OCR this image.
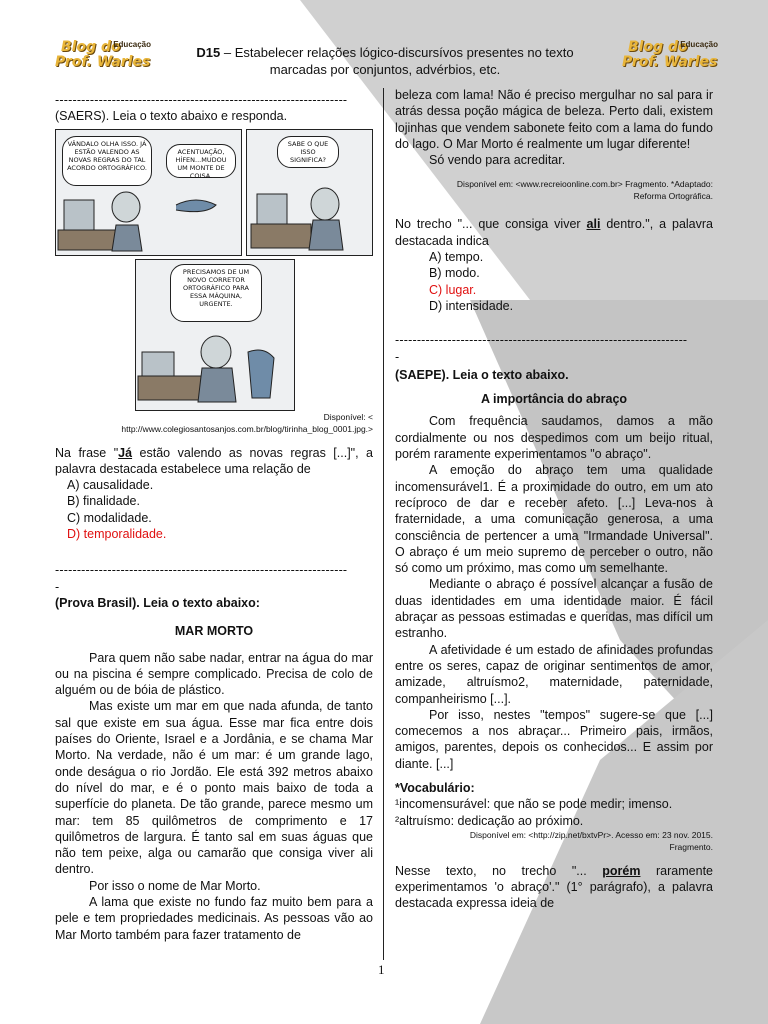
Educação
Blog do
Prof. Warles
Educação
Blog do
Prof. Warles
D15 – Estabelecer relações lógico-discursívos presentes no texto
marcadas por conjuntos, advérbios, etc.
-------------------------------------------------------------------

(SAERS). Leia o texto abaixo e responda.

VÂNDALO OLHA ISSO. JÁ ESTÃO VALENDO AS NOVAS REGRAS DO TAL ACORDO ORTOGRÁFICO.
ACENTUAÇÃO, HÍFEN...MUDOU UM MONTE DE COISA.
SABE O QUE ISSO SIGNIFICA?
PRECISAMOS DE UM NOVO CORRETOR ORTOGRÁFICO PARA ESSA MÁQUINA, URGENTE.
Disponível: <
http://www.colegiosantosanjos.com.br/blog/tirinha_blog_0001.jpg.>

Na frase "Já estão valendo as novas regras [...]", a palavra destacada estabelece uma relação de

A) causalidade.
B) finalidade.
C) modalidade.
D) temporalidade.
-------------------------------------------------------------------
-

(Prova Brasil). Leia o texto abaixo:

MAR MORTO

Para quem não sabe nadar, entrar na água do mar ou na piscina é sempre complicado. Precisa de colo de alguém ou de bóia de plástico.

Mas existe um mar em que nada afunda, de tanto sal que existe em sua água. Esse mar fica entre dois países do Oriente, Israel e a Jordânia, e se chama Mar Morto. Na verdade, não é um mar: é um grande lago, onde deságua o rio Jordão. Ele está 392 metros abaixo do nível do mar, e é o ponto mais baixo de toda a superfície do planeta. De tão grande, parece mesmo um mar: tem 85 quilômetros de comprimento e 17 quilômetros de largura. É tanto sal em suas águas que não tem peixe, alga ou camarão que consiga viver ali dentro.

Por isso o nome de Mar Morto.

A lama que existe no fundo faz muito bem para a pele e tem propriedades medicinais. As pessoas vão ao Mar Morto também para fazer tratamento de

beleza com lama! Não é preciso mergulhar no sal para ir atrás dessa poção mágica de beleza. Perto dali, existem lojinhas que vendem sabonete feito com a lama do fundo do lago. O Mar Morto é realmente um lugar diferente!

Só vendo para acreditar.

Disponível em: <www.recreioonline.com.br> Fragmento. *Adaptado:
Reforma Ortográfica.

No trecho "... que consiga viver ali dentro.", a palavra destacada indica

A) tempo.
B) modo.
C) lugar.
D) intensidade.
-------------------------------------------------------------------
-

(SAEPE). Leia o texto abaixo.

A importância do abraço

Com frequência saudamos, damos a mão cordialmente ou nos despedimos com um beijo ritual, porém raramente experimentamos "o abraço".

A emoção do abraço tem uma qualidade incomensurável1. É a proximidade do outro, em um ato recíproco de dar e receber afeto. [...] Leva-nos à fraternidade, a uma comunicação generosa, a uma consciência de pertencer a uma "Irmandade Universal". O abraço é um meio supremo de perceber o outro, não só como um próximo, mas como um semelhante.

Mediante o abraço é possível alcançar a fusão de duas identidades em uma identidade maior. É fácil abraçar as pessoas estimadas e queridas, mas difícil um estranho.

A afetividade é um estado de afinidades profundas entre os seres, capaz de originar sentimentos de amor, amizade, altruísmo2, maternidade, paternidade, companheirismo [...].

Por isso, nestes "tempos" sugere-se que [...] comecemos a nos abraçar... Primeiro pais, irmãos, amigos, parentes, depois os conhecidos... E assim por diante. [...]

*Vocabulário:

¹incomensurável: que não se pode medir; imenso.

²altruísmo: dedicação ao próximo.

Disponível em: <http://zip.net/bxtvPr>. Acesso em: 23 nov. 2015.
Fragmento.

Nesse texto, no trecho "... porém raramente experimentamos 'o abraço'." (1° parágrafo), a palavra destacada expressa ideia de

1
